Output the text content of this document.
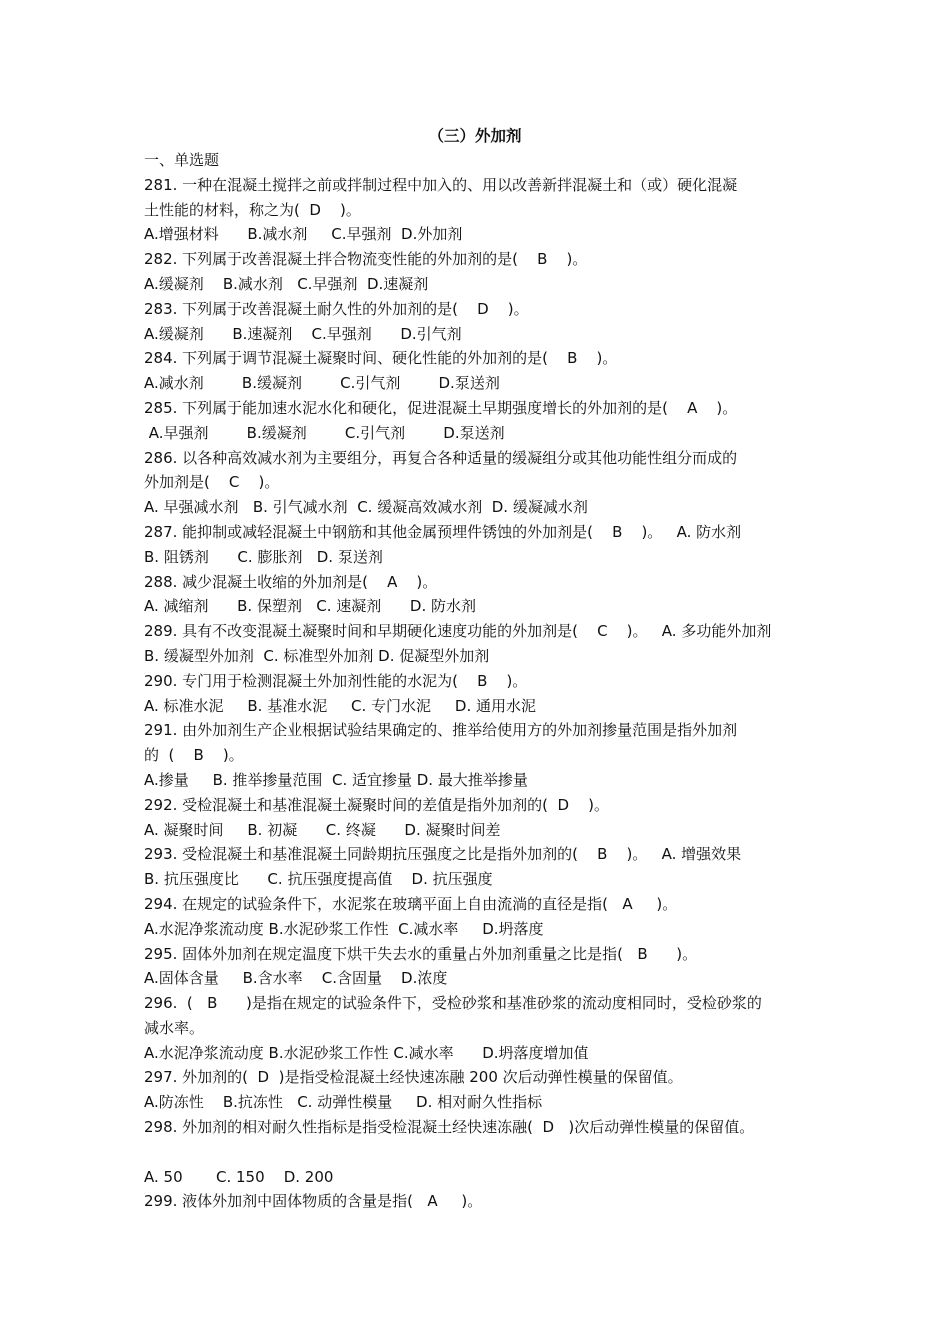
（三）外加剂
一、单选题
281. 一种在混凝土搅拌之前或拌制过程中加入的、用以改善新拌混凝土和（或）硬化混凝
土性能的材料，称之为(  D    )。
A.增强材料      B.减水剂     C.早强剂  D.外加剂
282. 下列属于改善混凝土拌合物流变性能的外加剂的是(    B    )。
A.缓凝剂    B.减水剂   C.早强剂  D.速凝剂
283. 下列属于改善混凝土耐久性的外加剂的是(    D    )。
A.缓凝剂      B.速凝剂    C.早强剂      D.引气剂
284. 下列属于调节混凝土凝聚时间、硬化性能的外加剂的是(    B    )。
A.减水剂        B.缓凝剂        C.引气剂        D.泵送剂
285. 下列属于能加速水泥水化和硬化，促进混凝土早期强度增长的外加剂的是(    A    )。
A.早强剂        B.缓凝剂        C.引气剂        D.泵送剂
286. 以各种高效减水剂为主要组分，再复合各种适量的缓凝组分或其他功能性组分而成的
外加剂是(    C    )。
A. 早强减水剂   B. 引气减水剂  C. 缓凝高效减水剂  D. 缓凝减水剂
287. 能抑制或减轻混凝土中钢筋和其他金属预埋件锈蚀的外加剂是(    B    )。   A. 防水剂
B. 阻锈剂      C. 膨胀剂   D. 泵送剂
288. 减少混凝土收缩的外加剂是(    A    )。
A. 减缩剂      B. 保塑剂   C. 速凝剂      D. 防水剂
289. 具有不改变混凝土凝聚时间和早期硬化速度功能的外加剂是(    C    )。   A. 多功能外加剂
B. 缓凝型外加剂  C. 标准型外加剂 D. 促凝型外加剂
290. 专门用于检测混凝土外加剂性能的水泥为(    B    )。
A. 标准水泥     B. 基准水泥     C. 专门水泥     D. 通用水泥
291. 由外加剂生产企业根据试验结果确定的、推举给使用方的外加剂掺量范围是指外加剂
的  (    B    )。
A.掺量     B. 推举掺量范围  C. 适宜掺量 D. 最大推举掺量
292. 受检混凝土和基准混凝土凝聚时间的差值是指外加剂的(  D    )。
A. 凝聚时间     B. 初凝      C. 终凝      D. 凝聚时间差
293. 受检混凝土和基准混凝土同龄期抗压强度之比是指外加剂的(    B    )。   A. 增强效果
B. 抗压强度比      C. 抗压强度提高值    D. 抗压强度
294. 在规定的试验条件下，水泥浆在玻璃平面上自由流淌的直径是指(   A     )。
A.水泥净浆流动度 B.水泥砂浆工作性  C.减水率     D.坍落度
295. 固体外加剂在规定温度下烘干失去水的重量占外加剂重量之比是指(   B      )。
A.固体含量     B.含水率    C.含固量    D.浓度
296.  (   B      )是指在规定的试验条件下，受检砂浆和基准砂浆的流动度相同时，受检砂浆的
减水率。
A.水泥净浆流动度 B.水泥砂浆工作性 C.减水率      D.坍落度增加值
297. 外加剂的(  D  )是指受检混凝土经快速冻融 200 次后动弹性模量的保留值。
A.防冻性    B.抗冻性   C. 动弹性模量     D. 相对耐久性指标
298. 外加剂的相对耐久性指标是指受检混凝土经快速冻融(  D   )次后动弹性模量的保留值。
A. 50       C. 150    D. 200
299. 液体外加剂中固体物质的含量是指(   A     )。
